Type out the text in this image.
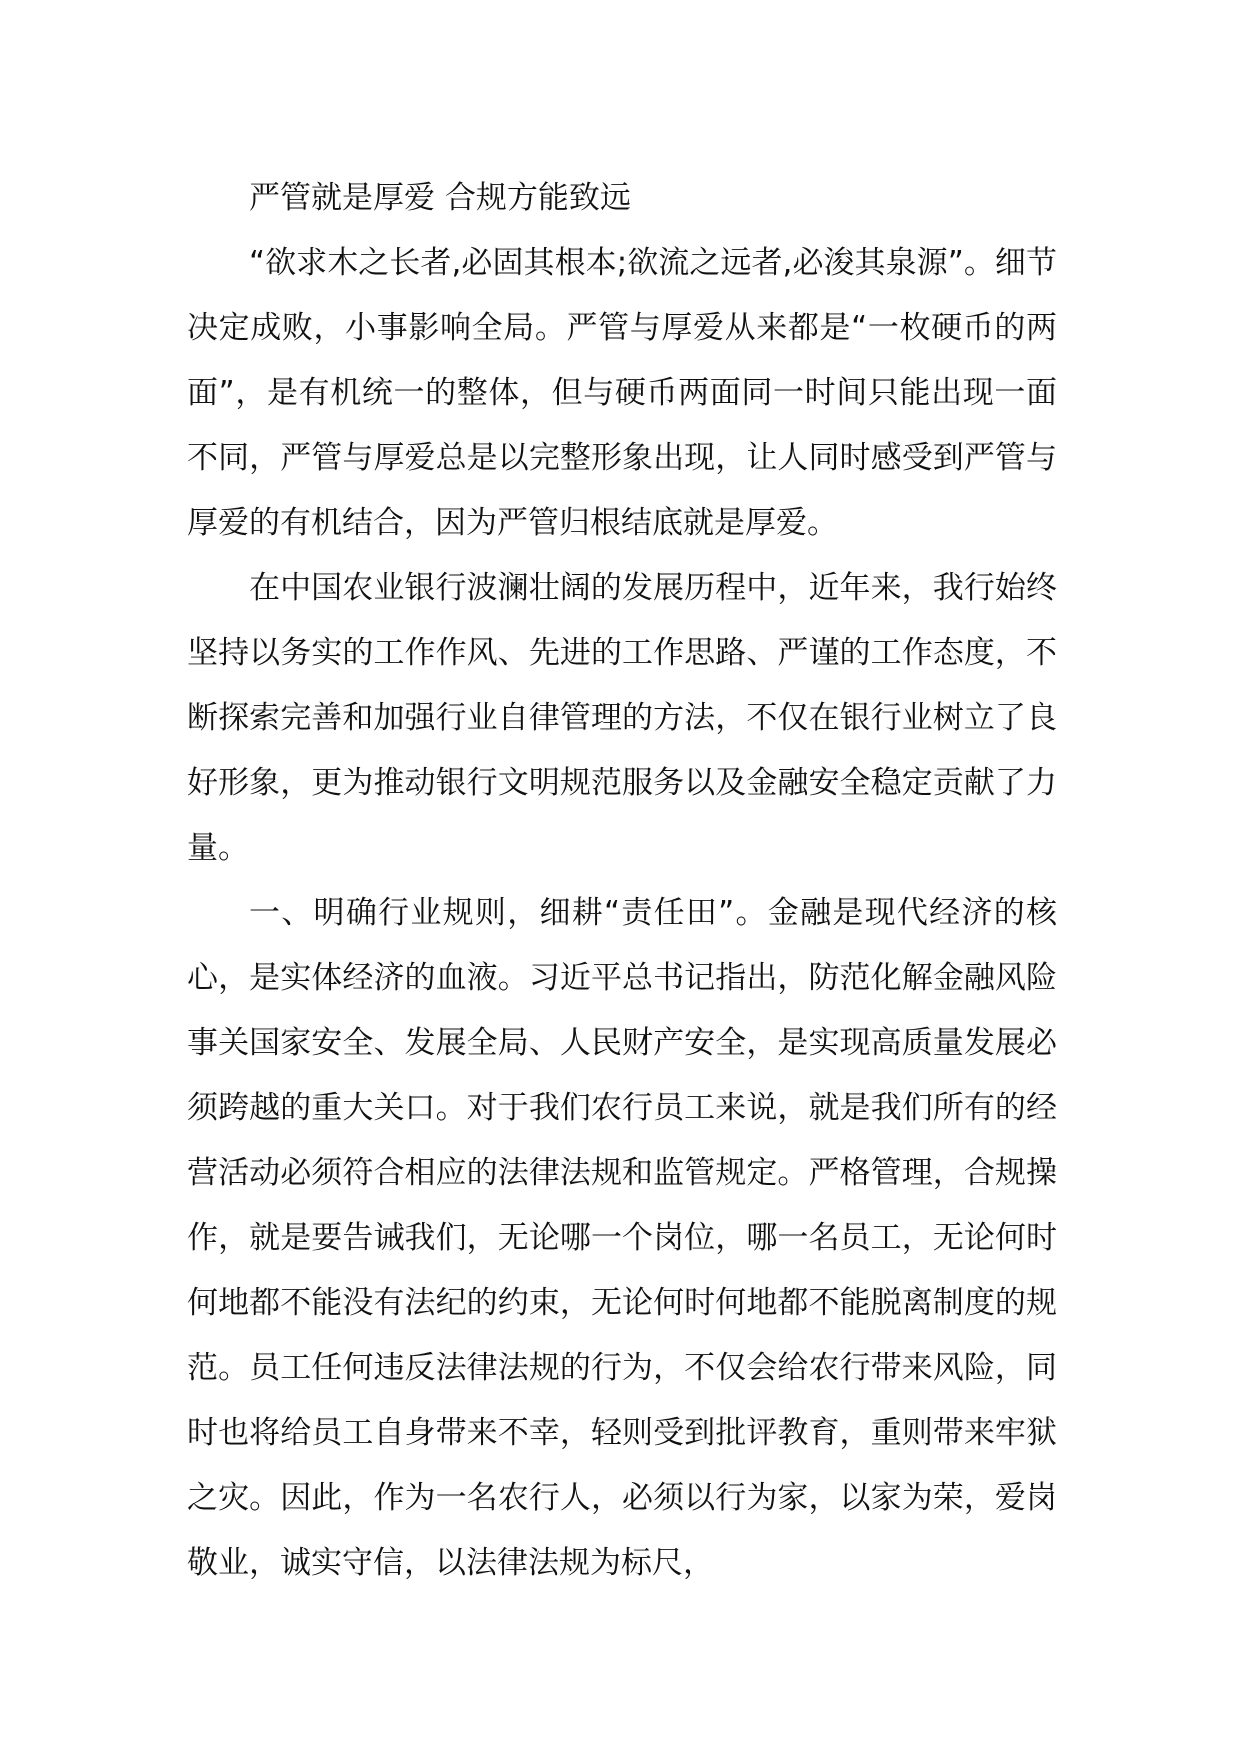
严管就是厚爱 合规方能致远

“欲求木之长者,必固其根本;欲流之远者,必浚其泉源”。细节决定成败，小事影响全局。严管与厚爱从来都是“一枚硬币的两面”，是有机统一的整体，但与硬币两面同一时间只能出现一面不同，严管与厚爱总是以完整形象出现，让人同时感受到严管与厚爱的有机结合，因为严管归根结底就是厚爱。

在中国农业银行波澜壮阔的发展历程中，近年来，我行始终坚持以务实的工作作风、先进的工作思路、严谨的工作态度，不断探索完善和加强行业自律管理的方法，不仅在银行业树立了良好形象，更为推动银行文明规范服务以及金融安全稳定贡献了力量。

一、明确行业规则，细耕“责任田”。金融是现代经济的核心，是实体经济的血液。习近平总书记指出，防范化解金融风险事关国家安全、发展全局、人民财产安全，是实现高质量发展必须跨越的重大关口。对于我们农行员工来说，就是我们所有的经营活动必须符合相应的法律法规和监管规定。严格管理，合规操作，就是要告诫我们，无论哪一个岗位，哪一名员工，无论何时何地都不能没有法纪的约束，无论何时何地都不能脱离制度的规范。员工任何违反法律法规的行为，不仅会给农行带来风险，同时也将给员工自身带来不幸，轻则受到批评教育，重则带来牢狱之灾。因此，作为一名农行人，必须以行为家，以家为荣，爱岗敬业，诚实守信，以法律法规为标尺，
